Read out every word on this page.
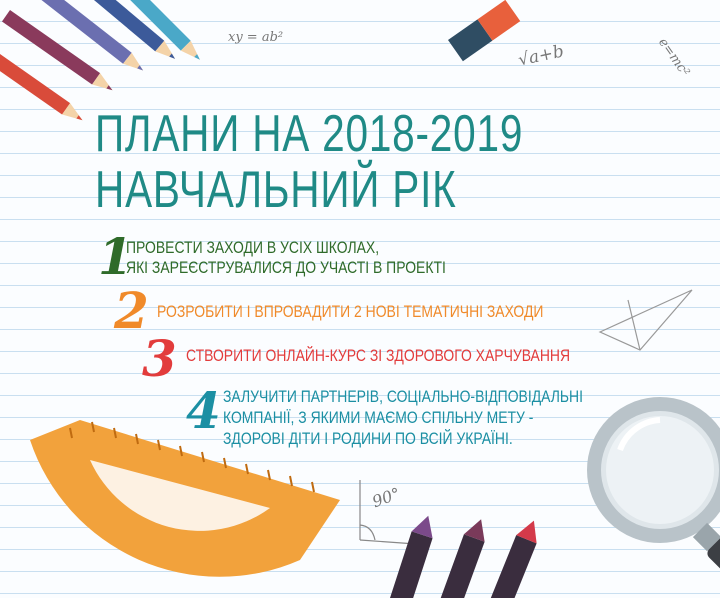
xy = ab²
√a+b	e=mc²
90°
ПЛАНИ НА 2018-2019
НАВЧАЛЬНИЙ РІК
1
ПРОВЕСТИ ЗАХОДИ В УСІХ ШКОЛАХ,
ЯКІ ЗАРЕЄСТРУВАЛИСЯ ДО УЧАСТІ В ПРОЕКТІ
2 РОЗРОБИТИ І ВПРОВАДИТИ 2 НОВІ ТЕМАТИЧНІ ЗАХОДИ
3 СТВОРИТИ ОНЛАЙН-КУРС ЗІ ЗДОРОВОГО ХАРЧУВАННЯ
4 ЗАЛУЧИТИ ПАРТНЕРІВ, СОЦІАЛЬНО-ВІДПОВІДАЛЬНІ
КОМПАНІЇ, З ЯКИМИ МАЄМО СПІЛЬНУ МЕТУ -
ЗДОРОВІ ДІТИ І РОДИНИ ПО ВСІЙ УКРАЇНІ.
